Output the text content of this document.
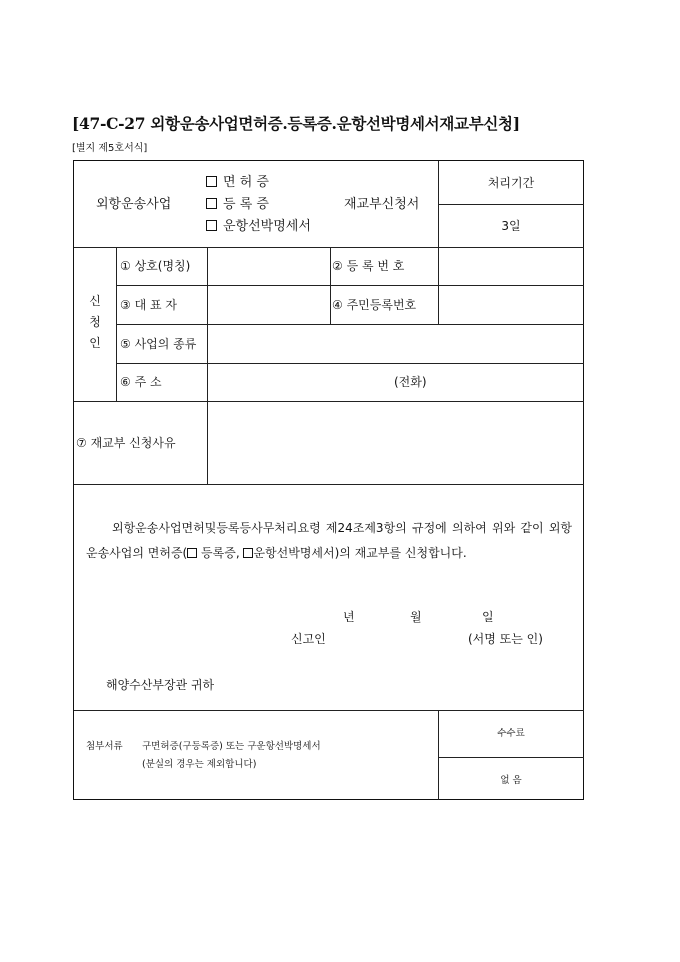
[47-C-27 외항운송사업면허증.등록증.운항선박명세서재교부신청]
[별지 제5호서식]
외항운송사업
면 허 증
등 록 증
운항선박명세서
재교부신청서
처리기간
3일
신청인
① 상호(명칭)	② 등 록 번 호
③ 대 표 자	④ 주민등록번호
⑤ 사업의 종류
⑥ 주 소	(전화)
⑦ 재교부 신청사유
첨부서류 구면허증(구등록증) 또는 구운항선박명세서
(분실의 경우는 제외합니다)
수수료
없 음
외항운송사업면허및등록등사무처리요령 제24조제3항의 규정에 의하여 위와 같이 외항운송사업의 면허증( 등록증, 운항선박명세서)의 재교부를 신청합니다.
년	월	일
신고인	(서명 또는 인)
해양수산부장관 귀하
